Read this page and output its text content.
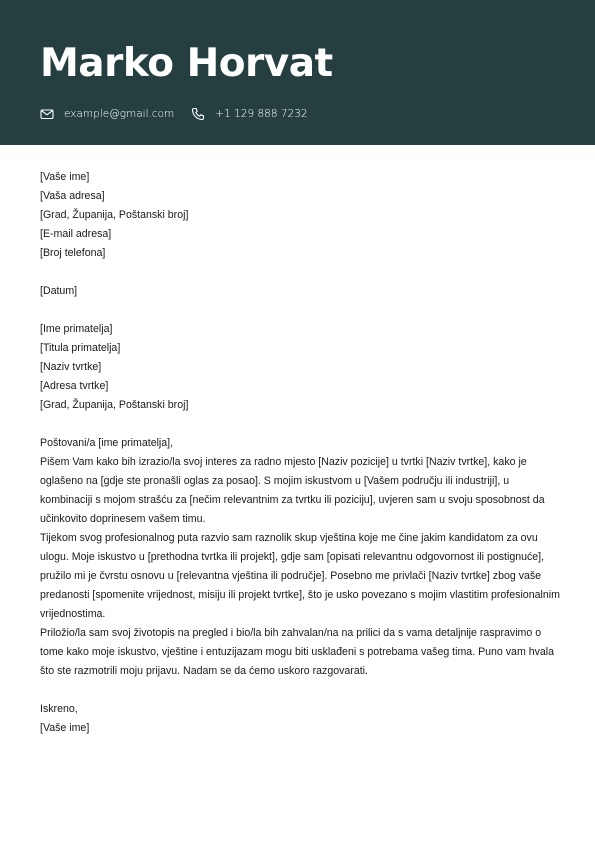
Marko Horvat
example@gmail.com	+1 129 888 7232
[Vaše ime]
[Vaša adresa]
[Grad, Županija, Poštanski broj]
[E-mail adresa]
[Broj telefona]
[Datum]
[Ime primatelja]
[Titula primatelja]
[Naziv tvrtke]
[Adresa tvrtke]
[Grad, Županija, Poštanski broj]
Poštovani/a [ime primatelja],

Pišem Vam kako bih izrazio/la svoj interes za radno mjesto [Naziv pozicije] u tvrtki [Naziv tvrtke], kako je oglašeno na [gdje ste pronašli oglas za posao]. S mojim iskustvom u [Vašem području ili industriji], u kombinaciji s mojom strašću za [nečim relevantnim za tvrtku ili poziciju], uvjeren sam u svoju sposobnost da učinkovito doprinesem vašem timu.

Tijekom svog profesionalnog puta razvio sam raznolik skup vještina koje me čine jakim kandidatom za ovu ulogu. Moje iskustvo u [prethodna tvrtka ili projekt], gdje sam [opisati relevantnu odgovornost ili postignuće], pružilo mi je čvrstu osnovu u [relevantna vještina ili područje]. Posebno me privlači [Naziv tvrtke] zbog vaše predanosti [spomenite vrijednost, misiju ili projekt tvrtke], što je usko povezano s mojim vlastitim profesionalnim vrijednostima.

Priložio/la sam svoj životopis na pregled i bio/la bih zahvalan/na na prilici da s vama detaljnije raspravimo o tome kako moje iskustvo, vještine i entuzijazam mogu biti usklađeni s potrebama vašeg tima. Puno vam hvala što ste razmotrili moju prijavu. Nadam se da ćemo uskoro razgovarati.

Iskreno,
[Vaše ime]
